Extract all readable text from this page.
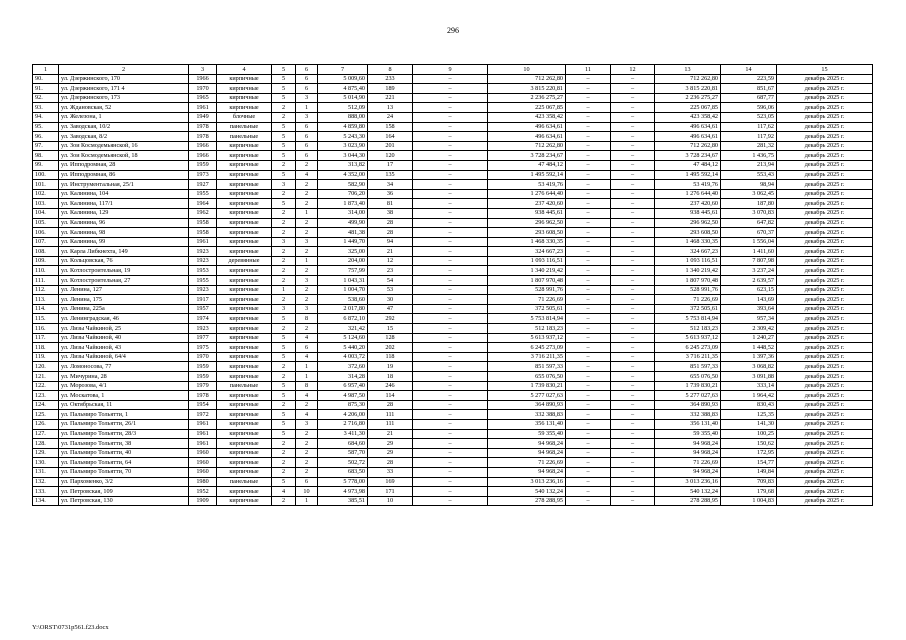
296
1	2	3	4	5	6	7	8	9	10	11	12	13	14	15
90.	ул. Дзержинского, 170	1966	кирпичные	5	6	5 009,60	233	–	712 262,80	–	–	712 262,80	223,59	декабрь 2025 г.
91.	ул. Дзержинского, 171 4	1970	кирпичные	5	6	4 875,40	189	–	3 815 220,81	–	–	3 815 220,81	851,67	декабрь 2025 г.
92.	ул. Дзержинского, 173	1965	кирпичные	5	3	5 014,90	221	–	2 236 275,27	–	–	2 236 275,27	687,77	декабрь 2025 г.
93.	ул. Ждановская, 52	1961	кирпичные	2	1	512,09	13	–	225 067,85	–	–	225 067,85	596,06	декабрь 2025 г.
94.	ул. Железона, 1	1949	блочные	2	3	888,00	24	–	423 358,42	–	–	423 358,42	523,05	декабрь 2025 г.
95.	ул. Заводская, 10/2	1978	панельные	5	6	4 859,80	158	–	496 634,61	–	–	496 634,61	117,62	декабрь 2025 г.
96.	ул. Заводская, 8/2	1978	панельные	5	6	5 243,30	164	–	496 634,61	–	–	496 634,61	117,92	декабрь 2025 г.
97.	ул. Зои Космодемьянской, 16	1966	кирпичные	5	6	3 023,90	201	–	712 262,80	–	–	712 262,80	281,32	декабрь 2025 г.
98.	ул. Зои Космодемьянской, 18	1966	кирпичные	5	6	3 044,30	120	–	3 728 234,67	–	–	3 728 234,67	1 436,75	декабрь 2025 г.
99.	ул. Ипподромная, 28	1959	кирпичные	2	2	313,82	17	–	47 484,12	–	–	47 484,12	213,94	декабрь 2025 г.
100.	ул. Ипподромная, 86	1973	кирпичные	5	4	4 352,00	135	–	1 495 592,14	–	–	1 495 592,14	553,43	декабрь 2025 г.
101.	ул. Инструментальная, 25/1	1927	кирпичные	3	2	582,90	34	–	53 419,76	–	–	53 419,76	98,94	декабрь 2025 г.
102.	ул. Калинина, 104	1955	кирпичные	2	2	706,20	36	–	1 276 644,40	–	–	1 276 644,40	3 062,45	декабрь 2025 г.
103.	ул. Калинина, 117/1	1964	кирпичные	5	2	1 873,40	81	–	237 420,60	–	–	237 420,60	187,80	декабрь 2025 г.
104.	ул. Калинина, 129	1962	кирпичные	2	1	314,00	38	–	938 445,61	–	–	938 445,61	3 070,83	декабрь 2025 г.
105.	ул. Калинина, 96	1958	кирпичные	2	2	499,90	28	–	296 962,50	–	–	296 962,50	647,82	декабрь 2025 г.
106.	ул. Калинина, 98	1958	кирпичные	2	2	481,38	28	–	293 608,50	–	–	293 608,50	670,37	декабрь 2025 г.
107.	ул. Калинина, 99	1961	кирпичные	3	3	1 449,70	94	–	1 468 330,35	–	–	1 468 330,35	1 556,04	декабрь 2025 г.
108.	ул. Карла Либкнехта, 149	1923	кирпичные	2	2	325,00	21	–	324 667,23	–	–	324 667,23	1 411,60	декабрь 2025 г.
109.	ул. Кольцовская, 76	1923	деревянные	2	1	204,00	12	–	1 093 116,51	–	–	1 093 116,51	7 807,98	декабрь 2025 г.
110.	ул. Котлостроительная, 19	1953	кирпичные	2	2	757,99	23	–	1 340 219,42	–	–	1 340 219,42	3 237,24	декабрь 2025 г.
111.	ул. Котлостроительная, 27	1955	кирпичные	2	3	1 043,31	54	–	1 807 970,48	–	–	1 807 970,48	2 639,57	декабрь 2025 г.
112.	ул. Ленина, 127	1923	кирпичные	1	2	1 004,70	53	–	528 991,76	–	–	528 991,76	623,15	декабрь 2025 г.
113.	ул. Ленина, 175	1917	кирпичные	2	2	538,60	30	–	71 226,69	–	–	71 226,69	143,69	декабрь 2025 г.
114.	ул. Ленина, 225а	1957	кирпичные	3	3	2 017,80	47	–	372 505,61	–	–	372 505,61	393,64	декабрь 2025 г.
115.	ул. Ленинградская, 46	1974	кирпичные	5	8	6 872,10	292	–	5 753 814,94	–	–	5 753 814,94	957,34	декабрь 2025 г.
116.	ул. Лизы Чайкиной, 25	1923	кирпичные	2	2	321,42	15	–	512 183,23	–	–	512 183,23	2 309,42	декабрь 2025 г.
117.	ул. Лизы Чайкиной, 40	1977	кирпичные	5	4	5 124,60	128	–	5 613 937,12	–	–	5 613 937,12	1 240,27	декабрь 2025 г.
118.	ул. Лизы Чайкиной, 43	1975	кирпичные	5	6	5 440,20	202	–	6 245 273,09	–	–	6 245 273,09	1 448,52	декабрь 2025 г.
119.	ул. Лизы Чайкиной, 64/4	1970	кирпичные	5	4	4 003,72	118	–	3 716 211,35	–	–	3 716 211,35	1 397,36	декабрь 2025 г.
120.	ул. Ломоносова, 77	1959	кирпичные	2	1	372,60	19	–	851 597,33	–	–	851 597,33	3 068,82	декабрь 2025 г.
121.	ул. Мичурина, 28	1959	кирпичные	2	1	314,28	18	–	655 076,50	–	–	655 076,50	3 091,88	декабрь 2025 г.
122.	ул. Морозова, 4/1	1979	панельные	5	8	6 957,40	246	–	1 739 830,21	–	–	1 739 830,21	333,14	декабрь 2025 г.
123.	ул. Москатова, 1	1978	кирпичные	5	4	4 987,50	114	–	5 277 027,63	–	–	5 277 027,63	1 964,42	декабрь 2025 г.
124.	ул. Октябрьская, 11	1954	кирпичные	2	2	875,30	28	–	364 890,93	–	–	364 890,93	830,43	декабрь 2025 г.
125.	ул. Пальмиро Тольятти, 1	1972	кирпичные	5	4	4 206,00	111	–	332 388,83	–	–	332 388,83	125,35	декабрь 2025 г.
126.	ул. Пальмиро Тольятти, 26/1	1961	кирпичные	5	3	2 716,80	111	–	356 131,40	–	–	356 131,40	141,30	декабрь 2025 г.
127.	ул. Пальмиро Тольятти, 28/3	1961	кирпичные	5	2	3 411,30	21	–	59 355,40	–	–	59 355,40	100,25	декабрь 2025 г.
128.	ул. Пальмиро Тольятти, 38	1961	кирпичные	2	2	684,60	29	–	94 968,24	–	–	94 968,24	150,62	декабрь 2025 г.
129.	ул. Пальмиро Тольятти, 40	1960	кирпичные	2	2	587,70	29	–	94 968,24	–	–	94 968,24	172,95	декабрь 2025 г.
130.	ул. Пальмиро Тольятти, 64	1960	кирпичные	2	2	502,72	28	–	71 226,69	–	–	71 226,69	154,77	декабрь 2025 г.
131.	ул. Пальмиро Тольятти, 70	1960	кирпичные	2	2	683,50	33	–	94 968,24	–	–	94 968,24	149,84	декабрь 2025 г.
132.	ул. Пархоменко, 3/2	1980	панельные	5	6	5 778,00	169	–	3 013 236,16	–	–	3 013 236,16	709,83	декабрь 2025 г.
133.	ул. Петровская, 109	1952	кирпичные	4	10	4 973,98	171	–	540 132,24	–	–	540 132,24	179,68	декабрь 2025 г.
134.	ул. Петровская, 130	1909	кирпичные	2	1	385,51	10	–	278 288,95	–	–	278 288,95	1 004,83	декабрь 2025 г.
Y:\ORST\0731p561.f23.docx
